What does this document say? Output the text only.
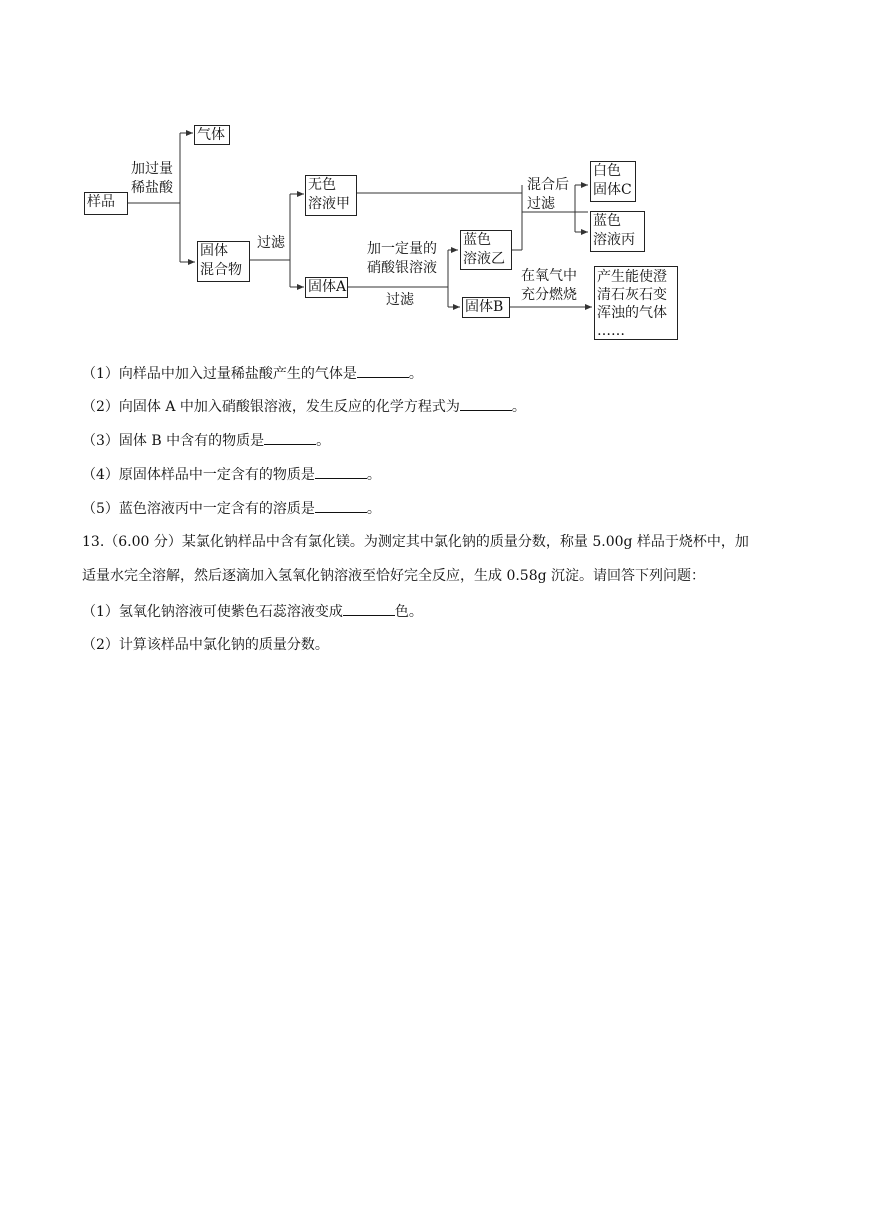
样品
气体
加过量
稀盐酸
固体
混合物
过滤
无色
溶液甲
固体A
加一定量的
硝酸银溶液
过滤
蓝色
溶液乙
固体B
混合后
过滤
白色
固体C
蓝色
溶液丙
在氧气中
充分燃烧
产生能使澄
清石灰石变
浑浊的气体
……
（1）向样品中加入过量稀盐酸产生的气体是	。
（2）向固体 A 中加入硝酸银溶液，发生反应的化学方程式为	。
（3）固体 B 中含有的物质是	。
（4）原固体样品中一定含有的物质是	。
（5）蓝色溶液丙中一定含有的溶质是	。
13.（6.00 分）某氯化钠样品中含有氯化镁。为测定其中氯化钠的质量分数，称量 5.00g 样品于烧杯中，加
适量水完全溶解，然后逐滴加入氢氧化钠溶液至恰好完全反应，生成 0.58g 沉淀。请回答下列问题：
（1）氢氧化钠溶液可使紫色石蕊溶液变成	色。
（2）计算该样品中氯化钠的质量分数。
